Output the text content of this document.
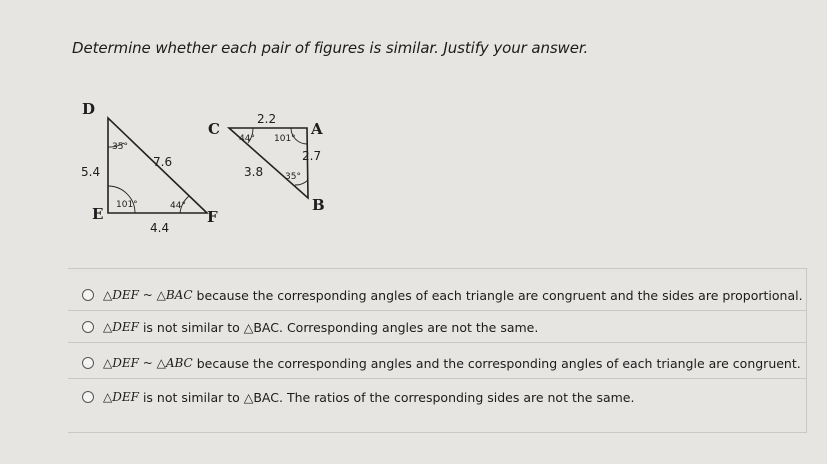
Determine whether each pair of figures is similar. Justify your answer.
D
E	F
5.4
7.6
4.4
35°
101°	44°
C	A
B
2.2
2.7
3.8
44° 101°
35°
△DEF ~ △BAC because the corresponding angles of each triangle are congruent and the sides are proportional.
△DEF is not similar to △BAC. Corresponding angles are not the same.
△DEF ~ △ABC because the corresponding angles and the corresponding angles of each triangle are congruent.
△DEF is not similar to △BAC. The ratios of the corresponding sides are not the same.
